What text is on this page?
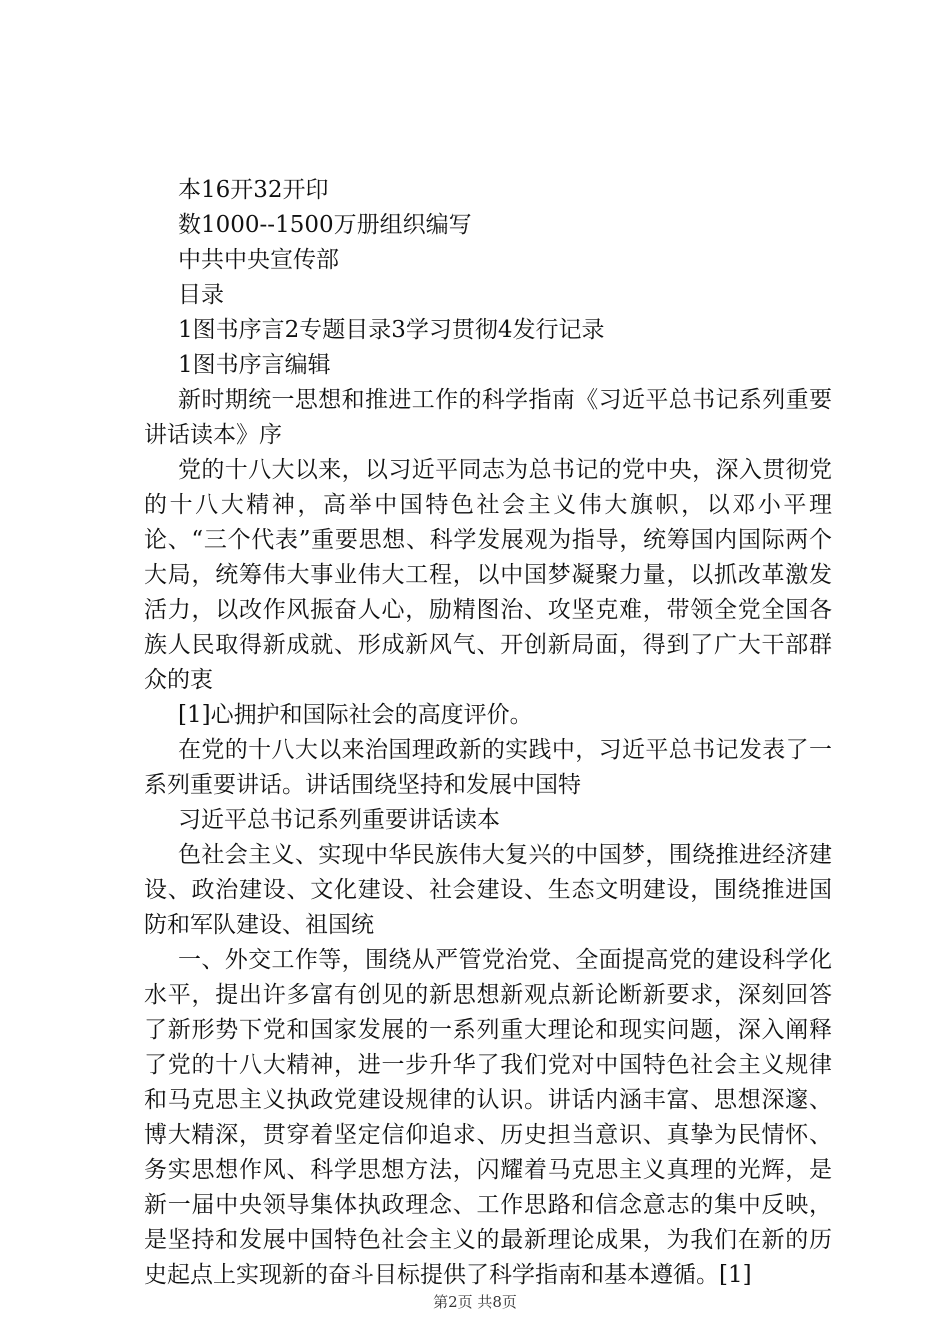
本16开32开印

数1000--1500万册组织编写

中共中央宣传部

目录

1图书序言2专题目录3学习贯彻4发行记录

1图书序言编辑

新时期统一思想和推进工作的科学指南《习近平总书记系列重要讲话读本》序

党的十八大以来，以习近平同志为总书记的党中央，深入贯彻党的十八大精神，高举中国特色社会主义伟大旗帜，以邓小平理论、“三个代表”重要思想、科学发展观为指导，统筹国内国际两个大局，统筹伟大事业伟大工程，以中国梦凝聚力量，以抓改革激发活力，以改作风振奋人心，励精图治、攻坚克难，带领全党全国各族人民取得新成就、形成新风气、开创新局面，得到了广大干部群众的衷

[1]心拥护和国际社会的高度评价。

在党的十八大以来治国理政新的实践中，习近平总书记发表了一系列重要讲话。讲话围绕坚持和发展中国特

习近平总书记系列重要讲话读本

色社会主义、实现中华民族伟大复兴的中国梦，围绕推进经济建设、政治建设、文化建设、社会建设、生态文明建设，围绕推进国防和军队建设、祖国统

一、外交工作等，围绕从严管党治党、全面提高党的建设科学化水平，提出许多富有创见的新思想新观点新论断新要求，深刻回答了新形势下党和国家发展的一系列重大理论和现实问题，深入阐释了党的十八大精神，进一步升华了我们党对中国特色社会主义规律和马克思主义执政党建设规律的认识。讲话内涵丰富、思想深邃、博大精深，贯穿着坚定信仰追求、历史担当意识、真挚为民情怀、务实思想作风、科学思想方法，闪耀着马克思主义真理的光辉，是新一届中央领导集体执政理念、工作思路和信念意志的集中反映，是坚持和发展中国特色社会主义的最新理论成果，为我们在新的历史起点上实现新的奋斗目标提供了科学指南和基本遵循。[1]

第2页 共8页
